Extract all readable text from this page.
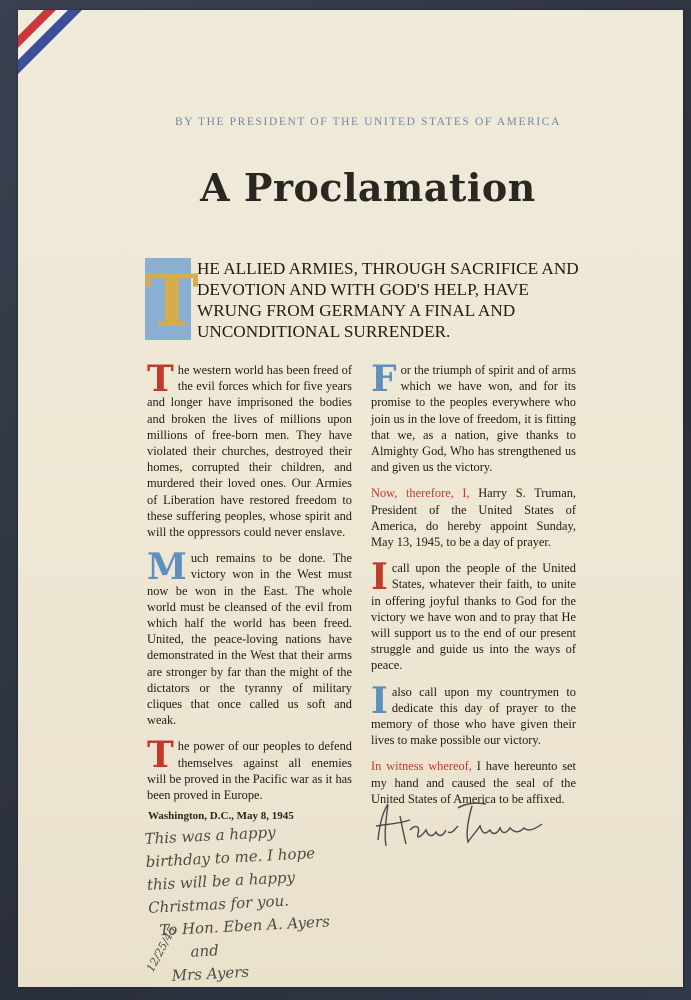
BY THE PRESIDENT OF THE UNITED STATES OF AMERICA
A Proclamation
T
HE ALLIED ARMIES, THROUGH SACRIFICE AND DEVOTION AND WITH GOD'S HELP, HAVE WRUNG FROM GERMANY A FINAL AND UNCONDITIONAL SURRENDER.

T he western world has been freed of the evil forces which for five years and longer have imprisoned the bodies and broken the lives of millions upon millions of free-born men. They have violated their churches, destroyed their homes, corrupted their children, and murdered their loved ones. Our Armies of Liberation have restored freedom to these suffering peoples, whose spirit and will the oppressors could never enslave.

M uch remains to be done. The victory won in the West must now be won in the East. The whole world must be cleansed of the evil from which half the world has been freed. United, the peace-loving nations have demonstrated in the West that their arms are stronger by far than the might of the dictators or the tyranny of military cliques that once called us soft and weak.

T he power of our peoples to defend themselves against all enemies will be proved in the Pacific war as it has been proved in Europe.

F or the triumph of spirit and of arms which we have won, and for its promise to the peoples everywhere who join us in the love of freedom, it is fitting that we, as a nation, give thanks to Almighty God, Who has strengthened us and given us the victory.

Now, therefore, I, Harry S. Truman, President of the United States of America, do hereby appoint Sunday, May 13, 1945, to be a day of prayer.

I call upon the people of the United States, whatever their faith, to unite in offering joyful thanks to God for the victory we have won and to pray that He will support us to the end of our present struggle and guide us into the ways of peace.

I also call upon my countrymen to dedicate this day of prayer to the memory of those who have given their lives to make possible our victory.

In witness whereof, I have hereunto set my hand and caused the seal of the United States of America to be affixed.

Washington, D.C., May 8, 1945
This was a happy
birthday to me. I hope
this will be a happy
Christmas for you.
To Hon. Eben A. Ayers
and
Mrs Ayers
12/25/45
